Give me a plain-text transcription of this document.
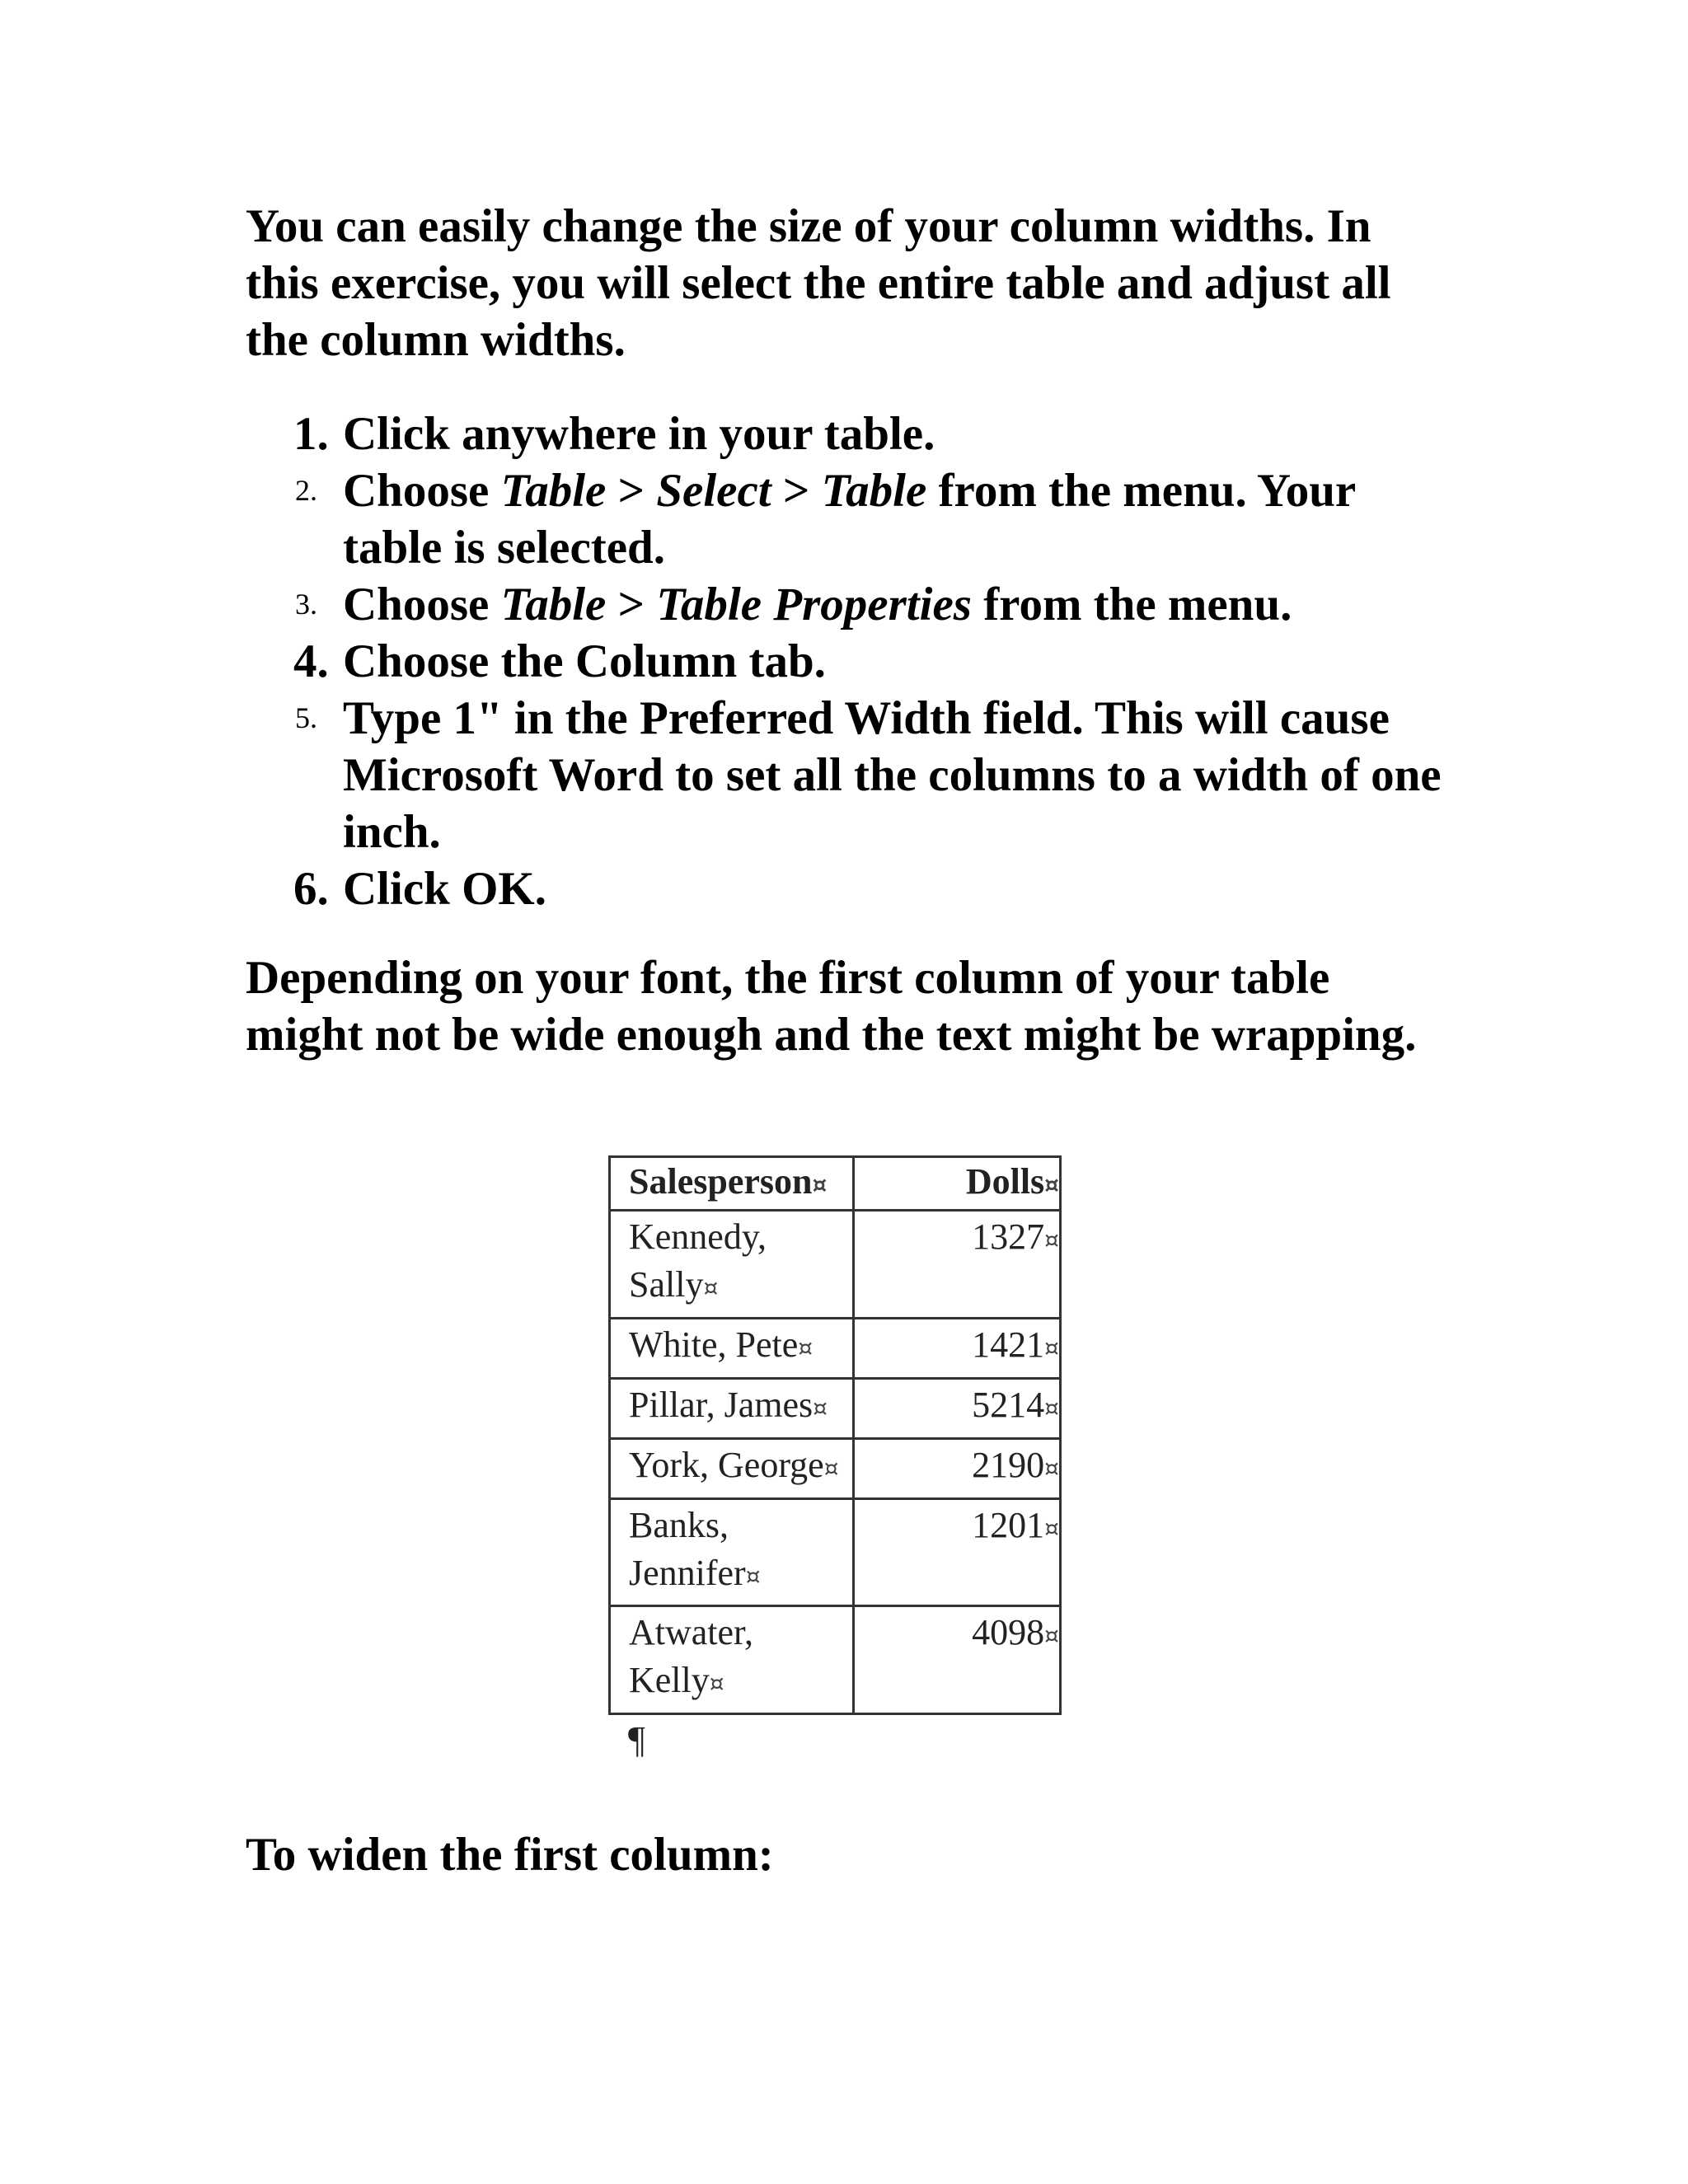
You can easily change the size of your column widths. In this exercise, you will select the entire table and adjust all the column widths.

1. Click anywhere in your table.
2. Choose Table > Select > Table from the menu. Your table is selected.
3. Choose Table > Table Properties from the menu.
4. Choose the Column tab.
5. Type 1" in the Preferred Width field. This will cause Microsoft Word to set all the columns to a width of one inch.
6. Click OK.

Depending on your font, the first column of your table might not be wide enough and the text might be wrapping.

Salesperson¤	Dolls¤
Kennedy, Sally¤	1327¤
White, Pete¤	1421¤
Pillar, James¤	5214¤
York, George¤	2190¤
Banks, Jennifer¤	1201¤
Atwater, Kelly¤	4098¤
¶

To widen the first column:
